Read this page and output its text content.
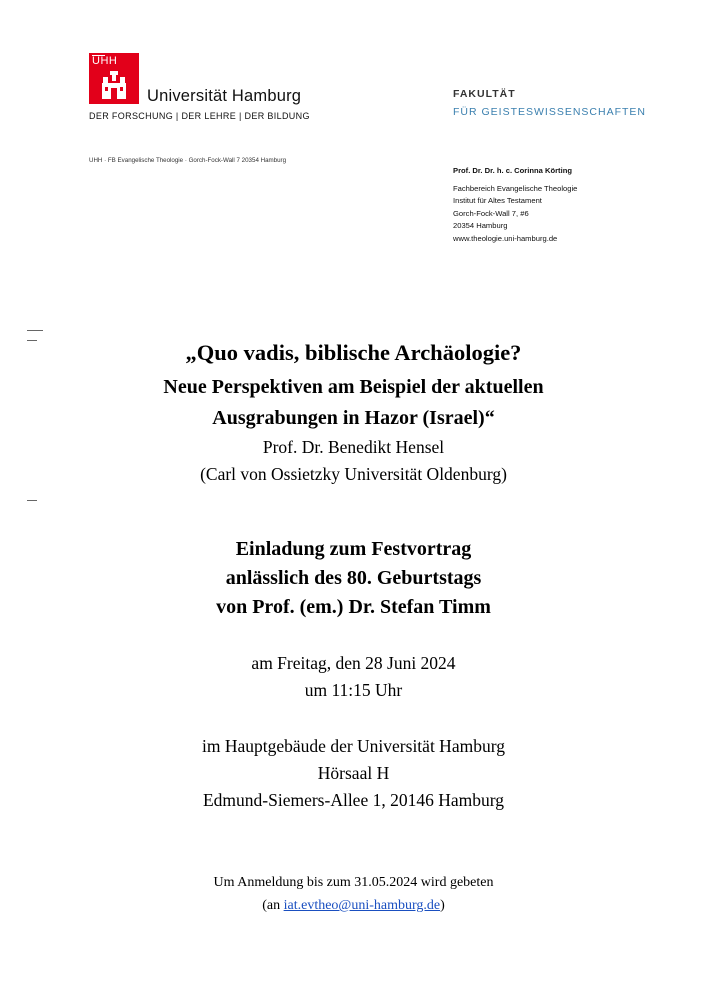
UHH
Universität Hamburg
DER FORSCHUNG | DER LEHRE | DER BILDUNG
FAKULTÄT
FÜR GEISTESWISSENSCHAFTEN
UHH · FB Evangelische Theologie · Gorch-Fock-Wall 7 20354 Hamburg
Prof. Dr. Dr. h. c. Corinna Körting
Fachbereich Evangelische Theologie
Institut für Altes Testament
Gorch-Fock-Wall 7, #6
20354 Hamburg
www.theologie.uni-hamburg.de
„Quo vadis, biblische Archäologie?
Neue Perspektiven am Beispiel der aktuellen
Ausgrabungen in Hazor (Israel)“
Prof. Dr. Benedikt Hensel
(Carl von Ossietzky Universität Oldenburg)
Einladung zum Festvortrag
anlässlich des 80. Geburtstags
von Prof. (em.) Dr. Stefan Timm
am Freitag, den 28 Juni 2024
um 11:15 Uhr
im Hauptgebäude der Universität Hamburg
Hörsaal H
Edmund-Siemers-Allee 1, 20146 Hamburg
Um Anmeldung bis zum 31.05.2024 wird gebeten
(an iat.evtheo@uni-hamburg.de)
